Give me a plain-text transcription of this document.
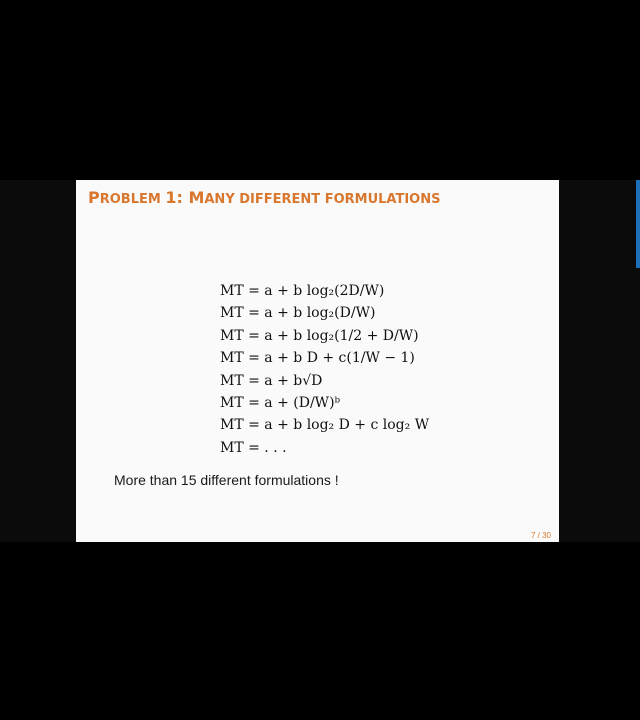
PROBLEM 1: MANY DIFFERENT FORMULATIONS
MT = a + b log₂(2D/W)
MT = a + b log₂(D/W)
MT = a + b log₂(1/2 + D/W)
MT = a + b D + c(1/W − 1)
MT = a + b√D
MT = a + (D/W)ᵇ
MT = a + b log₂ D + c log₂ W
MT = . . .
More than 15 different formulations !
7 / 30
